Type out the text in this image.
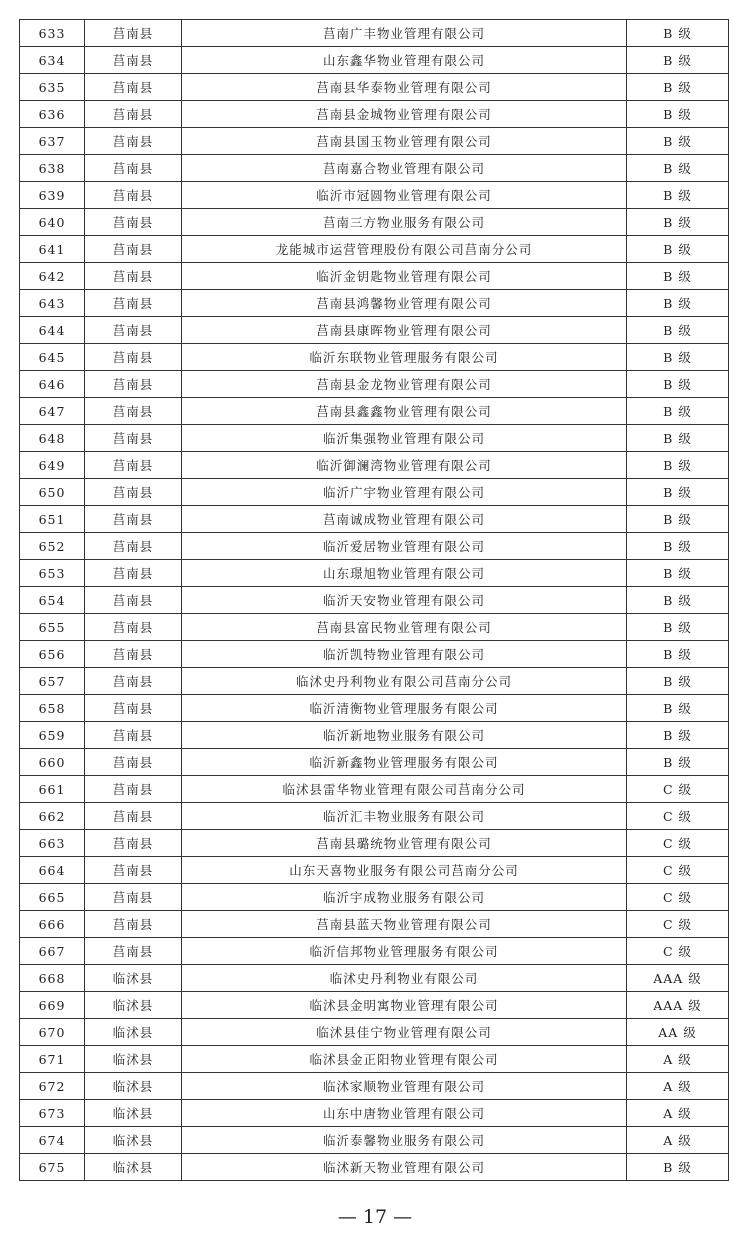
633	莒南县	莒南广丰物业管理有限公司	B 级
634	莒南县	山东鑫华物业管理有限公司	B 级
635	莒南县	莒南县华泰物业管理有限公司	B 级
636	莒南县	莒南县金城物业管理有限公司	B 级
637	莒南县	莒南县国玉物业管理有限公司	B 级
638	莒南县	莒南嘉合物业管理有限公司	B 级
639	莒南县	临沂市冠圆物业管理有限公司	B 级
640	莒南县	莒南三方物业服务有限公司	B 级
641	莒南县	龙能城市运营管理股份有限公司莒南分公司	B 级
642	莒南县	临沂金钥匙物业管理有限公司	B 级
643	莒南县	莒南县鸿馨物业管理有限公司	B 级
644	莒南县	莒南县康晖物业管理有限公司	B 级
645	莒南县	临沂东联物业管理服务有限公司	B 级
646	莒南县	莒南县金龙物业管理有限公司	B 级
647	莒南县	莒南县鑫鑫物业管理有限公司	B 级
648	莒南县	临沂集强物业管理有限公司	B 级
649	莒南县	临沂御澜湾物业管理有限公司	B 级
650	莒南县	临沂广宇物业管理有限公司	B 级
651	莒南县	莒南诚成物业管理有限公司	B 级
652	莒南县	临沂爱居物业管理有限公司	B 级
653	莒南县	山东璟旭物业管理有限公司	B 级
654	莒南县	临沂天安物业管理有限公司	B 级
655	莒南县	莒南县富民物业管理有限公司	B 级
656	莒南县	临沂凯特物业管理有限公司	B 级
657	莒南县	临沭史丹利物业有限公司莒南分公司	B 级
658	莒南县	临沂清衡物业管理服务有限公司	B 级
659	莒南县	临沂新地物业服务有限公司	B 级
660	莒南县	临沂新鑫物业管理服务有限公司	B 级
661	莒南县	临沭县雷华物业管理有限公司莒南分公司	C 级
662	莒南县	临沂汇丰物业服务有限公司	C 级
663	莒南县	莒南县璐统物业管理有限公司	C 级
664	莒南县	山东天喜物业服务有限公司莒南分公司	C 级
665	莒南县	临沂宇成物业服务有限公司	C 级
666	莒南县	莒南县蓝天物业管理有限公司	C 级
667	莒南县	临沂信邦物业管理服务有限公司	C 级
668	临沭县	临沭史丹利物业有限公司	AAA 级
669	临沭县	临沭县金明寓物业管理有限公司	AAA 级
670	临沭县	临沭县佳宁物业管理有限公司	AA 级
671	临沭县	临沭县金正阳物业管理有限公司	A 级
672	临沭县	临沭家顺物业管理有限公司	A 级
673	临沭县	山东中唐物业管理有限公司	A 级
674	临沭县	临沂泰馨物业服务有限公司	A 级
675	临沭县	临沭新天物业管理有限公司	B 级
— 17 —
